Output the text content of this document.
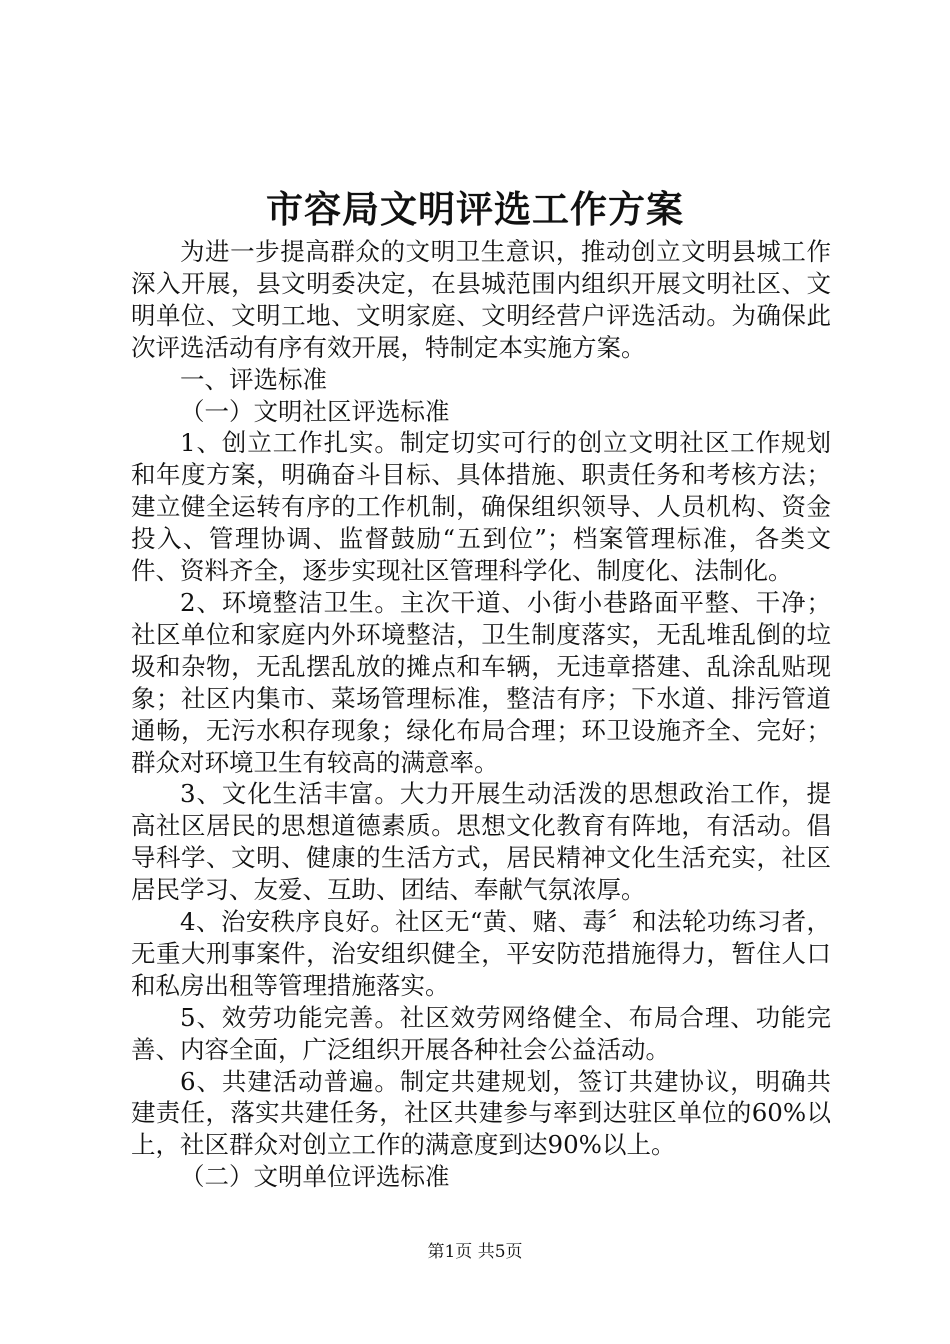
市容局文明评选工作方案

为进一步提高群众的文明卫生意识，推动创立文明县城工作深入开展，县文明委决定，在县城范围内组织开展文明社区、文明单位、文明工地、文明家庭、文明经营户评选活动。为确保此次评选活动有序有效开展，特制定本实施方案。

一、评选标准

（一）文明社区评选标准

1、创立工作扎实。制定切实可行的创立文明社区工作规划和年度方案，明确奋斗目标、具体措施、职责任务和考核方法；建立健全运转有序的工作机制，确保组织领导、人员机构、资金投入、管理协调、监督鼓励“五到位”；档案管理标准，各类文件、资料齐全，逐步实现社区管理科学化、制度化、法制化。

2、环境整洁卫生。主次干道、小街小巷路面平整、干净；社区单位和家庭内外环境整洁，卫生制度落实，无乱堆乱倒的垃圾和杂物，无乱摆乱放的摊点和车辆，无违章搭建、乱涂乱贴现象；社区内集市、菜场管理标准，整洁有序；下水道、排污管道通畅，无污水积存现象；绿化布局合理；环卫设施齐全、完好；群众对环境卫生有较高的满意率。

3、文化生活丰富。大力开展生动活泼的思想政治工作，提高社区居民的思想道德素质。思想文化教育有阵地，有活动。倡导科学、文明、健康的生活方式，居民精神文化生活充实，社区居民学习、友爱、互助、团结、奉献气氛浓厚。

4、治安秩序良好。社区无“黄、赌、毒〞和法轮功练习者，无重大刑事案件，治安组织健全，平安防范措施得力，暂住人口和私房出租等管理措施落实。

5、效劳功能完善。社区效劳网络健全、布局合理、功能完善、内容全面，广泛组织开展各种社会公益活动。

6、共建活动普遍。制定共建规划，签订共建协议，明确共建责任，落实共建任务，社区共建参与率到达驻区单位的60%以上，社区群众对创立工作的满意度到达90%以上。

（二）文明单位评选标准

第1页 共5页
